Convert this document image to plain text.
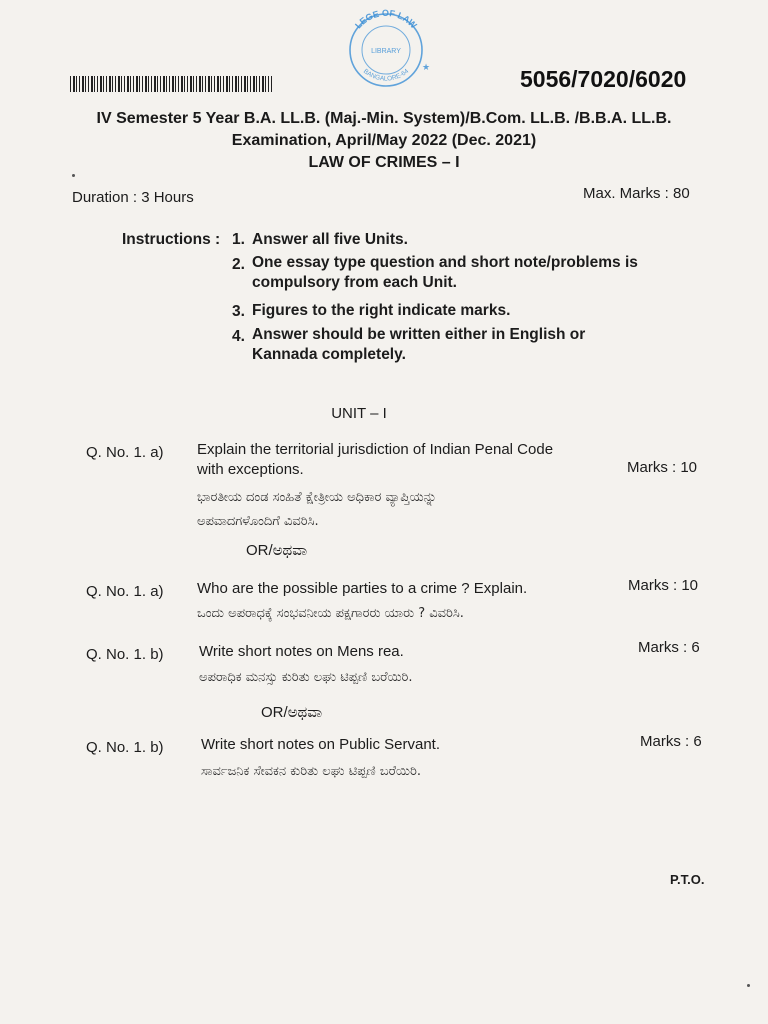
LEGE OF LAW
LIBRARY
BANGALORE-64 ★	5056/7020/6020
IV Semester 5 Year B.A. LL.B. (Maj.-Min. System)/B.Com. LL.B. /B.B.A. LL.B.
Examination, April/May 2022 (Dec. 2021)
LAW OF CRIMES – I
Duration : 3 Hours	Max. Marks : 80
Instructions : 1. Answer all five Units.
2. One essay type question and short note/problems is
compulsory from each Unit.
3. Figures to the right indicate marks.
4. Answer should be written either in English or
Kannada completely.
UNIT – I
Q. No. 1. a) Explain the territorial jurisdiction of Indian Penal Code
with exceptions.	Marks : 10
ಭಾರತೀಯ ದಂಡ ಸಂಹಿತೆ ಕ್ಷೇತ್ರೀಯ ಅಧಿಕಾರ ವ್ಯಾಪ್ತಿಯನ್ನು
ಅಪವಾದಗಳೊಂದಿಗೆ ವಿವರಿಸಿ.
OR/ಅಥವಾ
Q. No. 1. a) Who are the possible parties to a crime ? Explain.	Marks : 10
ಒಂದು ಅಪರಾಧಕ್ಕೆ ಸಂಭವನೀಯ ಪಕ್ಷಗಾರರು ಯಾರು ? ವಿವರಿಸಿ.
Q. No. 1. b) Write short notes on Mens rea.	Marks : 6
ಅಪರಾಧಿಕ ಮನಸ್ಸು ಕುರಿತು ಲಘು ಟಿಪ್ಪಣಿ ಬರೆಯಿರಿ.
OR/ಅಥವಾ
Q. No. 1. b) Write short notes on Public Servant.	Marks : 6
ಸಾರ್ವಜನಿಕ ಸೇವಕನ ಕುರಿತು ಲಘು ಟಿಪ್ಪಣಿ ಬರೆಯಿರಿ.
P.T.O.
